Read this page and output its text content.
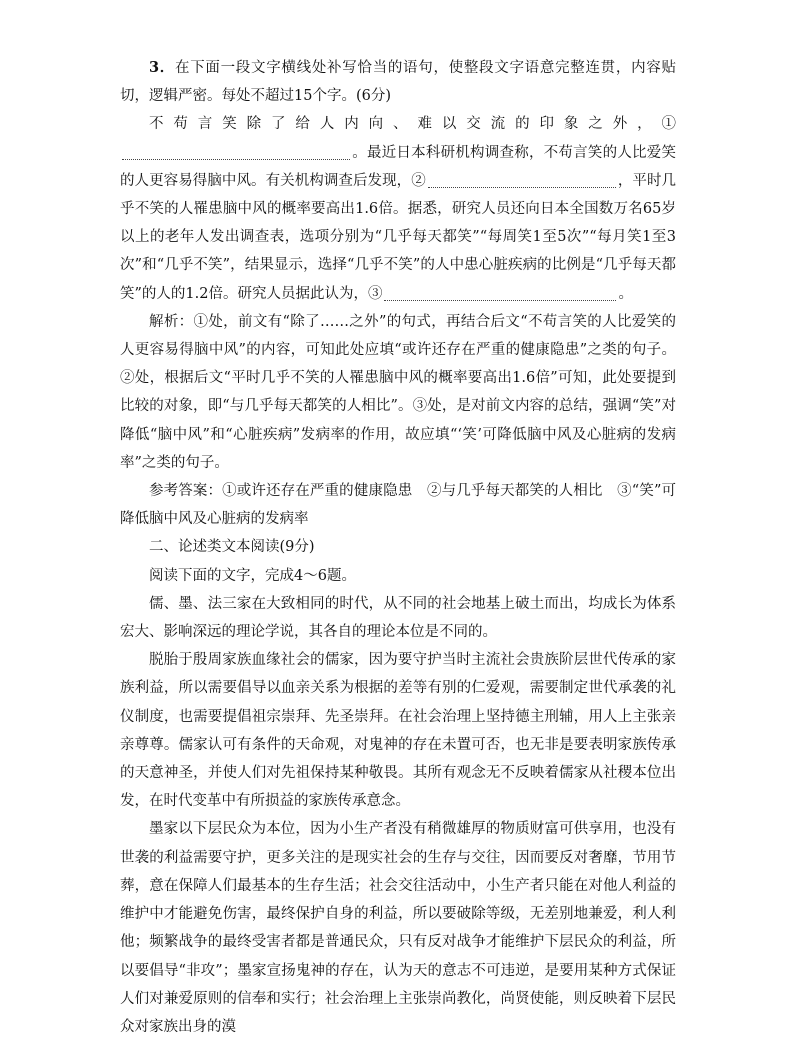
3．在下面一段文字横线处补写恰当的语句，使整段文字语意完整连贯，内容贴切，逻辑严密。每处不超过15个字。(6分)

不苟言笑除了给人内向、难以交流的印象之外，①。最近日本科研机构调查称，不苟言笑的人比爱笑的人更容易得脑中风。有关机构调查后发现，②	，平时几乎不笑的人罹患脑中风的概率要高出1.6倍。据悉，研究人员还向日本全国数万名65岁以上的老年人发出调查表，选项分别为“几乎每天都笑”“每周笑1至5次”“每月笑1至3次”和“几乎不笑”，结果显示，选择“几乎不笑”的人中患心脏疾病的比例是“几乎每天都笑”的人的1.2倍。研究人员据此认为，③	。

解析：①处，前文有“除了……之外”的句式，再结合后文“不苟言笑的人比爱笑的人更容易得脑中风”的内容，可知此处应填“或许还存在严重的健康隐患”之类的句子。②处，根据后文“平时几乎不笑的人罹患脑中风的概率要高出1.6倍”可知，此处要提到比较的对象，即“与几乎每天都笑的人相比”。③处，是对前文内容的总结，强调“笑”对降低“脑中风”和“心脏疾病”发病率的作用，故应填“‘笑’可降低脑中风及心脏病的发病率”之类的句子。

参考答案：①或许还存在严重的健康隐患　②与几乎每天都笑的人相比　③“笑”可降低脑中风及心脏病的发病率

二、论述类文本阅读(9分)

阅读下面的文字，完成4～6题。

儒、墨、法三家在大致相同的时代，从不同的社会地基上破土而出，均成长为体系宏大、影响深远的理论学说，其各自的理论本位是不同的。

脱胎于殷周家族血缘社会的儒家，因为要守护当时主流社会贵族阶层世代传承的家族利益，所以需要倡导以血亲关系为根据的差等有别的仁爱观，需要制定世代承袭的礼仪制度，也需要提倡祖宗崇拜、先圣崇拜。在社会治理上坚持德主刑辅，用人上主张亲亲尊尊。儒家认可有条件的天命观，对鬼神的存在未置可否，也无非是要表明家族传承的天意神圣，并使人们对先祖保持某种敬畏。其所有观念无不反映着儒家从社稷本位出发，在时代变革中有所损益的家族传承意念。

墨家以下层民众为本位，因为小生产者没有稍微雄厚的物质财富可供享用，也没有世袭的利益需要守护，更多关注的是现实社会的生存与交往，因而要反对奢靡，节用节葬，意在保障人们最基本的生存生活；社会交往活动中，小生产者只能在对他人利益的维护中才能避免伤害，最终保护自身的利益，所以要破除等级，无差别地兼爱，利人利他；频繁战争的最终受害者都是普通民众，只有反对战争才能维护下层民众的利益，所以要倡导“非攻”；墨家宣扬鬼神的存在，认为天的意志不可违逆，是要用某种方式保证人们对兼爱原则的信奉和实行；社会治理上主张崇尚教化，尚贤使能，则反映着下层民众对家族出身的漠
